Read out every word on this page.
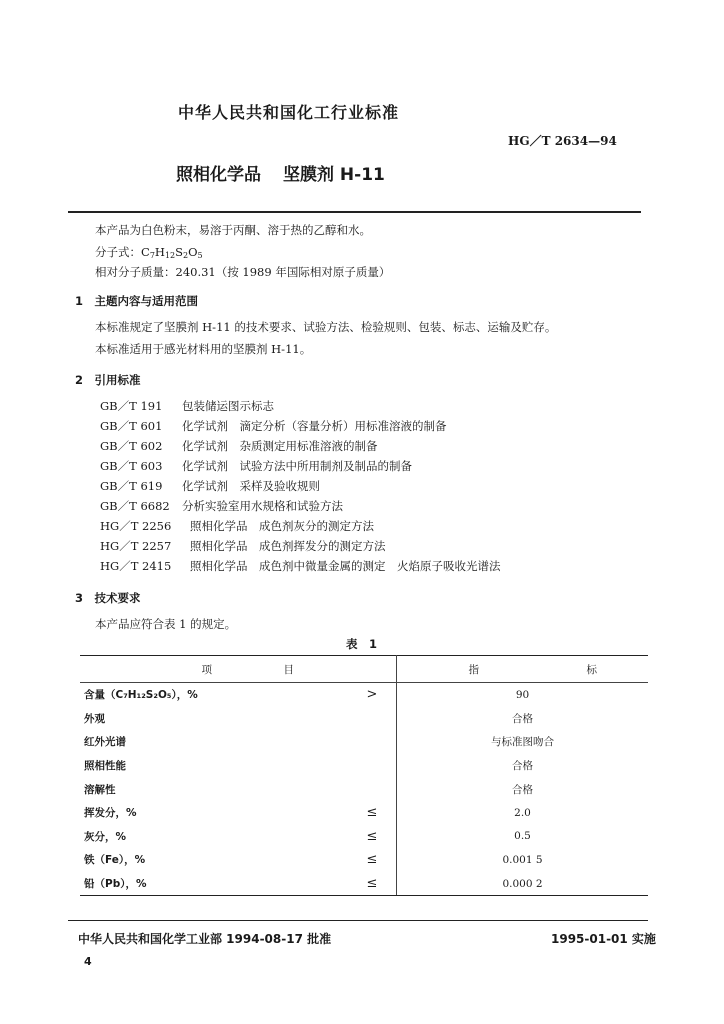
中华人民共和国化工行业标准
HG／T 2634—94
照相化学品 坚膜剂 H-11
本产品为白色粉末，易溶于丙酮、溶于热的乙醇和水。
分子式：$C_7H_{12}S_2O_5$
相对分子质量：240.31（按 1989 年国际相对原子质量）
1　主题内容与适用范围
本标准规定了坚膜剂 H-11 的技术要求、试验方法、检验规则、包装、标志、运输及贮存。
本标准适用于感光材料用的坚膜剂 H-11。
2　引用标准
GB／T 191 包装储运图示标志
GB／T 601 化学试剂　滴定分析（容量分析）用标准溶液的制备
GB／T 602 化学试剂　杂质测定用标准溶液的制备
GB／T 603 化学试剂　试验方法中所用制剂及制品的制备
GB／T 619 化学试剂　采样及验收规则
GB／T 6682 分析实验室用水规格和试验方法
HG／T 2256 照相化学品　成色剂灰分的测定方法
HG／T 2257 照相化学品　成色剂挥发分的测定方法
HG／T 2415 照相化学品　成色剂中微量金属的测定　火焰原子吸收光谱法
3　技术要求
本产品应符合表 1 的规定。
表　1
项 目		指 标
含量（C₇H₁₂S₂O₅），%	>	90
外观		合格
红外光谱		与标准图吻合
照相性能		合格
溶解性		合格
挥发分，%	≤	2.0
灰分，%	≤	0.5
铁（Fe），%	≤	0.001 5
铅（Pb），%	≤	0.000 2
中华人民共和国化学工业部 1994-08-17 批准	1995-01-01 实施
4
